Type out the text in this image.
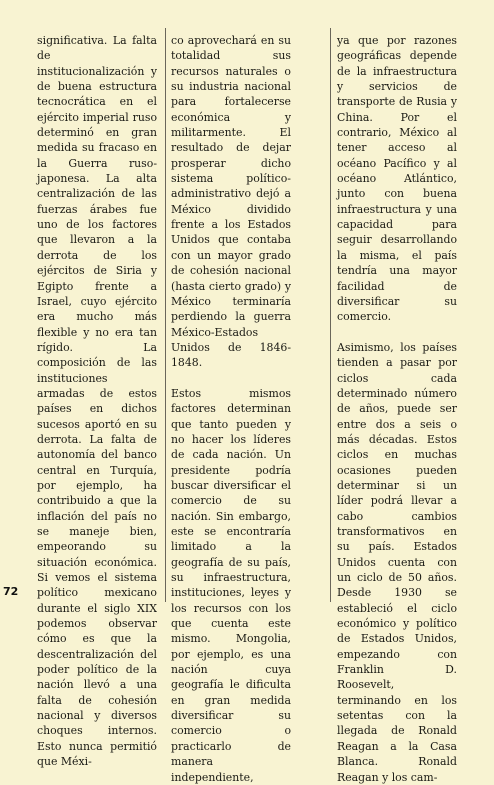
significativa. La falta de institucionalización y de buena estructura tecnocrática en el ejército imperial ruso determinó en gran medida su fracaso en la Guerra ruso-japonesa. La alta centralización de las fuerzas árabes fue uno de los factores que llevaron a la derrota de los ejércitos de Siria y Egipto frente a Israel, cuyo ejército era mucho más flexible y no era tan rígido. La composición de las instituciones armadas de estos países en dichos sucesos aportó en su derrota. La falta de autonomía del banco central en Turquía, por ejemplo, ha contribuido a que la inflación del país no se maneje bien, empeorando su situación económica. Si vemos el sistema político mexicano durante el siglo XIX podemos observar cómo es que la descentralización del poder político de la nación llevó a una falta de cohesión nacional y diversos choques internos. Esto nunca permitió que Méxi-

co aprovechará en su totalidad sus recursos naturales o su industria nacional para fortalecerse económica y militarmente. El resultado de dejar prosperar dicho sistema político-administrativo dejó a México dividido frente a los Estados Unidos que contaba con un mayor grado de cohesión nacional (hasta cierto grado) y México terminaría perdiendo la guerra México-Estados Unidos de 1846-1848.

Estos mismos factores determinan que tanto pueden y no hacer los líderes de cada nación. Un presidente podría buscar diversificar el comercio de su nación. Sin embargo, este se encontraría limitado a la geografía de su país, su infraestructura, instituciones, leyes y los recursos con los que cuenta este mismo. Mongolia, por ejemplo, es una nación cuya geografía le dificulta en gran medida diversificar su comercio o practicarlo de manera independiente,

ya que por razones geográficas depende de la infraestructura y servicios de transporte de Rusia y China. Por el contrario, México al tener acceso al océano Pacífico y al océano Atlántico, junto con buena infraestructura y una capacidad para seguir desarrollando la misma, el país tendría una mayor facilidad de diversificar su comercio.

Asimismo, los países tienden a pasar por ciclos cada determinado número de años, puede ser entre dos a seis o más décadas. Estos ciclos en muchas ocasiones pueden determinar si un líder podrá llevar a cabo cambios transformativos en su país. Estados Unidos cuenta con un ciclo de 50 años. Desde 1930 se estableció el ciclo económico y político de Estados Unidos, empezando con Franklin D. Roosevelt, terminando en los setentas con la llegada de Ronald Reagan a la Casa Blanca. Ronald Reagan y los cam-

72
